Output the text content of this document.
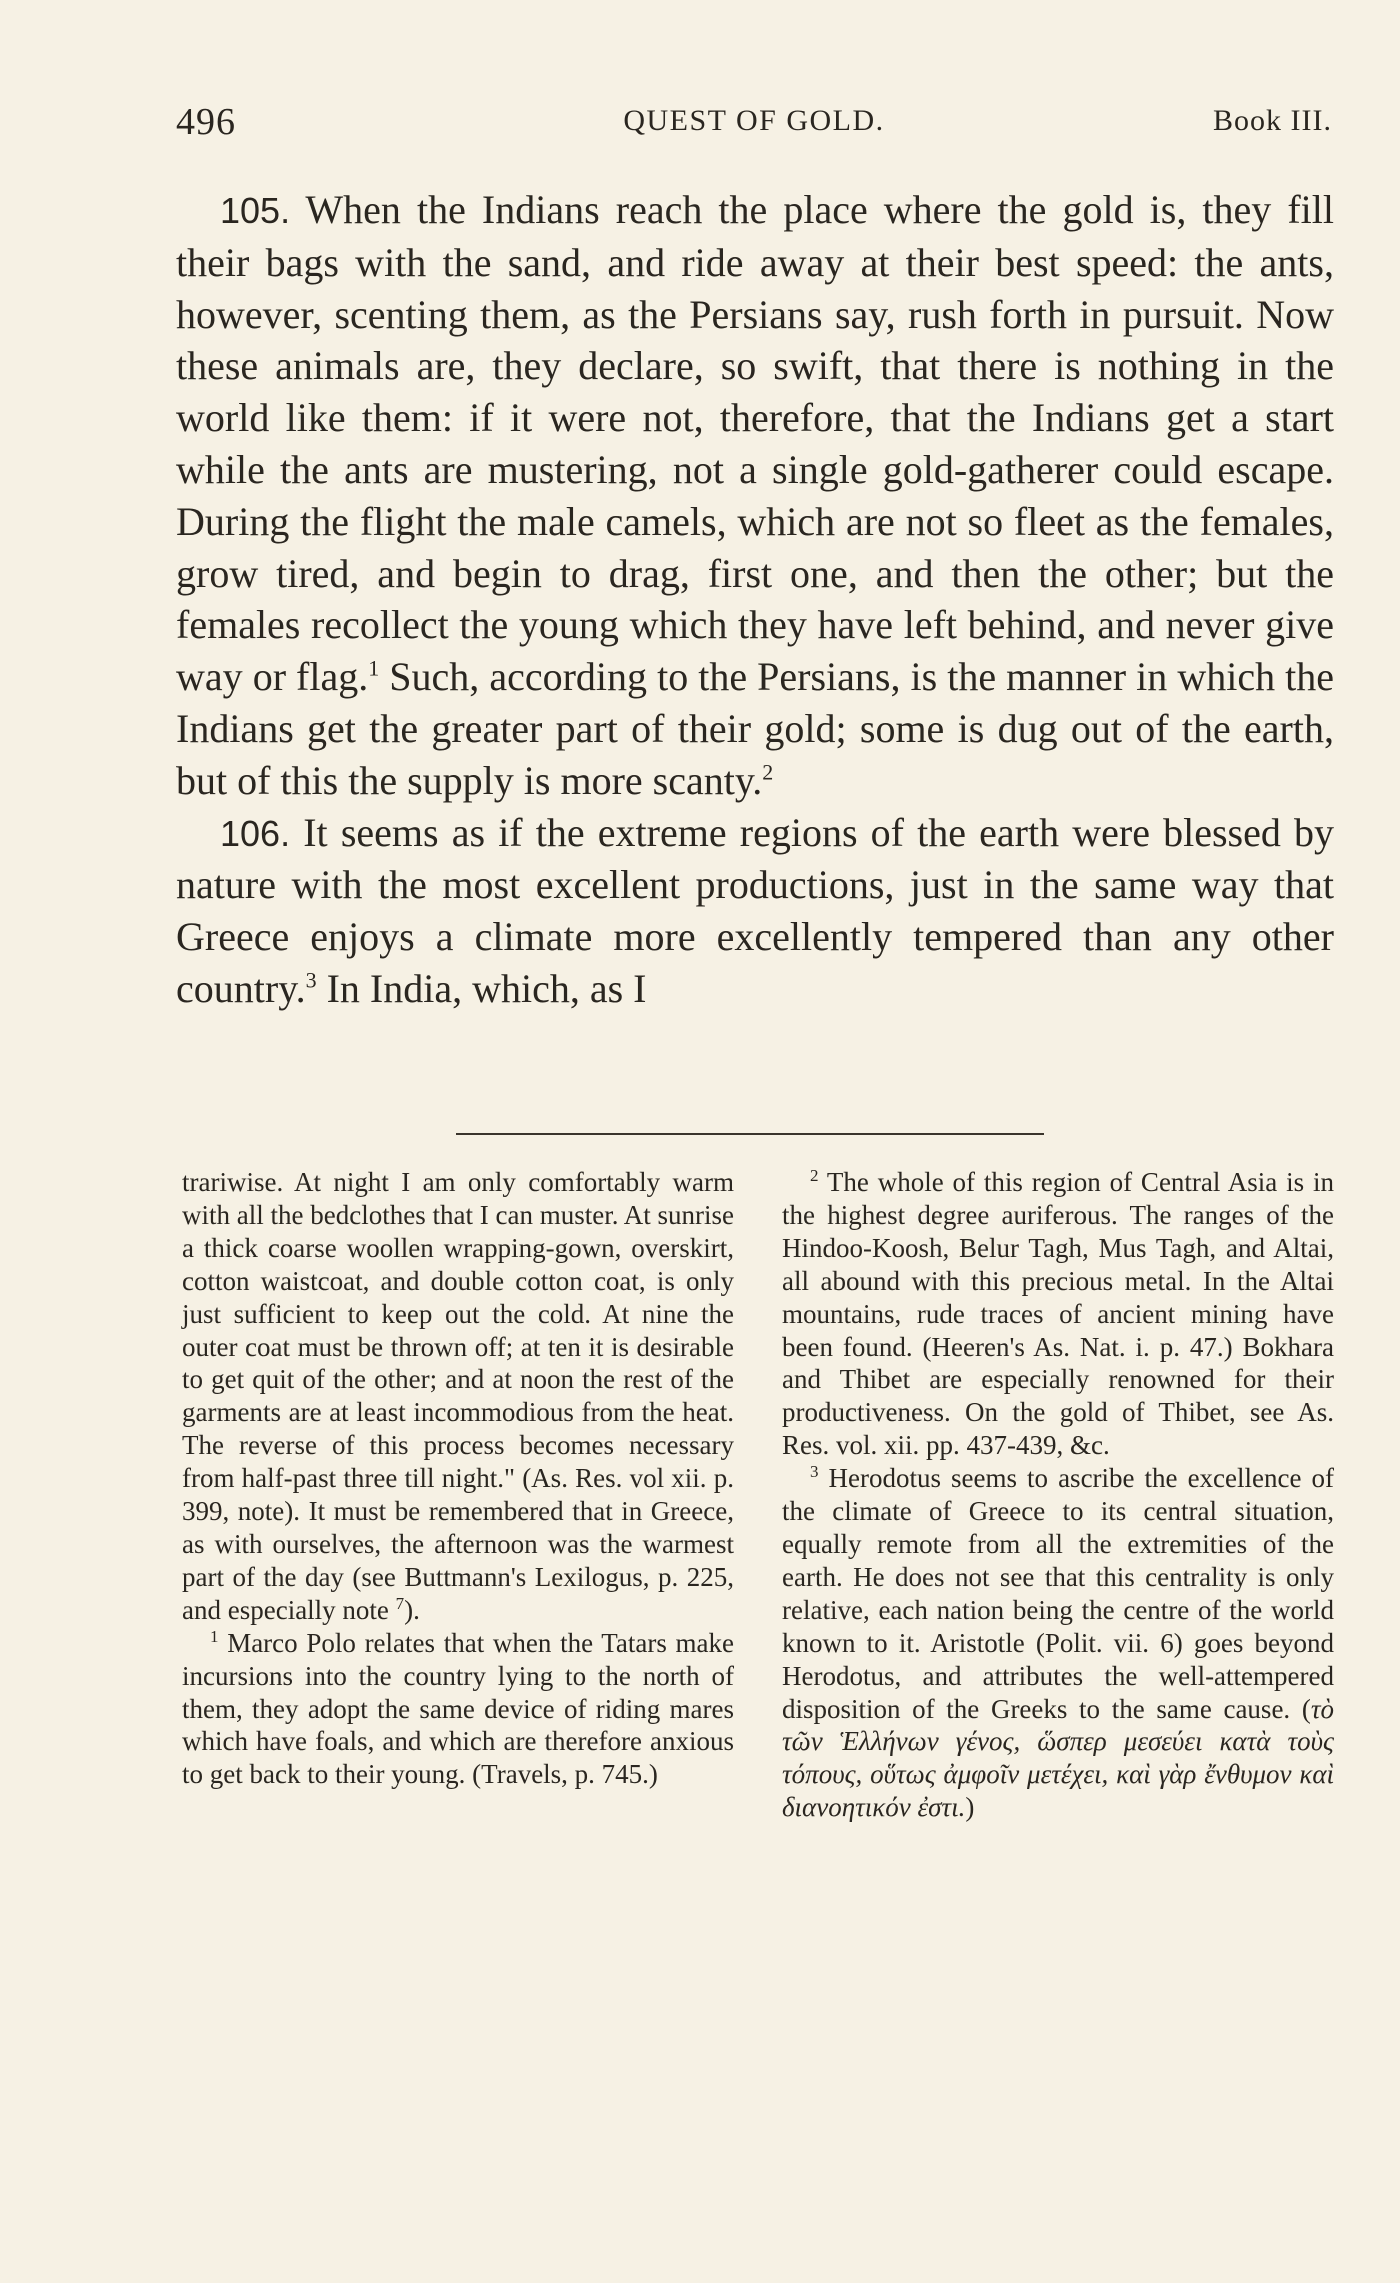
496	QUEST OF GOLD.	Book III.

105. When the Indians reach the place where the gold is, they fill their bags with the sand, and ride away at their best speed: the ants, however, scenting them, as the Persians say, rush forth in pursuit. Now these animals are, they declare, so swift, that there is nothing in the world like them: if it were not, therefore, that the Indians get a start while the ants are mustering, not a single gold-gatherer could escape. During the flight the male camels, which are not so fleet as the females, grow tired, and begin to drag, first one, and then the other; but the females recollect the young which they have left behind, and never give way or flag.$^1$ Such, according to the Persians, is the manner in which the Indians get the greater part of their gold; some is dug out of the earth, but of this the supply is more scanty.$^2$

106. It seems as if the extreme regions of the earth were blessed by nature with the most excellent productions, just in the same way that Greece enjoys a climate more excellently tempered than any other country.$^3$ In India, which, as I

trariwise. At night I am only comfortably warm with all the bedclothes that I can muster. At sunrise a thick coarse woollen wrapping-gown, overskirt, cotton waistcoat, and double cotton coat, is only just sufficient to keep out the cold. At nine the outer coat must be thrown off; at ten it is desirable to get quit of the other; and at noon the rest of the garments are at least incommodious from the heat. The reverse of this process becomes necessary from half-past three till night." (As. Res. vol xii. p. 399, note). It must be remembered that in Greece, as with ourselves, the afternoon was the warmest part of the day (see Buttmann's Lexilogus, p. 225, and especially note $^7$).

$^1$ Marco Polo relates that when the Tatars make incursions into the country lying to the north of them, they adopt the same device of riding mares which have foals, and which are therefore anxious to get back to their young. (Travels, p. 745.)

$^2$ The whole of this region of Central Asia is in the highest degree auriferous. The ranges of the Hindoo-Koosh, Belur Tagh, Mus Tagh, and Altai, all abound with this precious metal. In the Altai mountains, rude traces of ancient mining have been found. (Heeren's As. Nat. i. p. 47.) Bokhara and Thibet are especially renowned for their productiveness. On the gold of Thibet, see As. Res. vol. xii. pp. 437-439, &c.

$^3$ Herodotus seems to ascribe the excellence of the climate of Greece to its central situation, equally remote from all the extremities of the earth. He does not see that this centrality is only relative, each nation being the centre of the world known to it. Aristotle (Polit. vii. 6) goes beyond Herodotus, and attributes the well-attempered disposition of the Greeks to the same cause. (τὸ τῶν Ἑλλήνων γένος, ὥσπερ μεσεύει κατὰ τοὺς τόπους, οὕτως ἀμφοῖν μετέχει, καὶ γὰρ ἔνθυμον καὶ διανοητικόν ἐστι.)
